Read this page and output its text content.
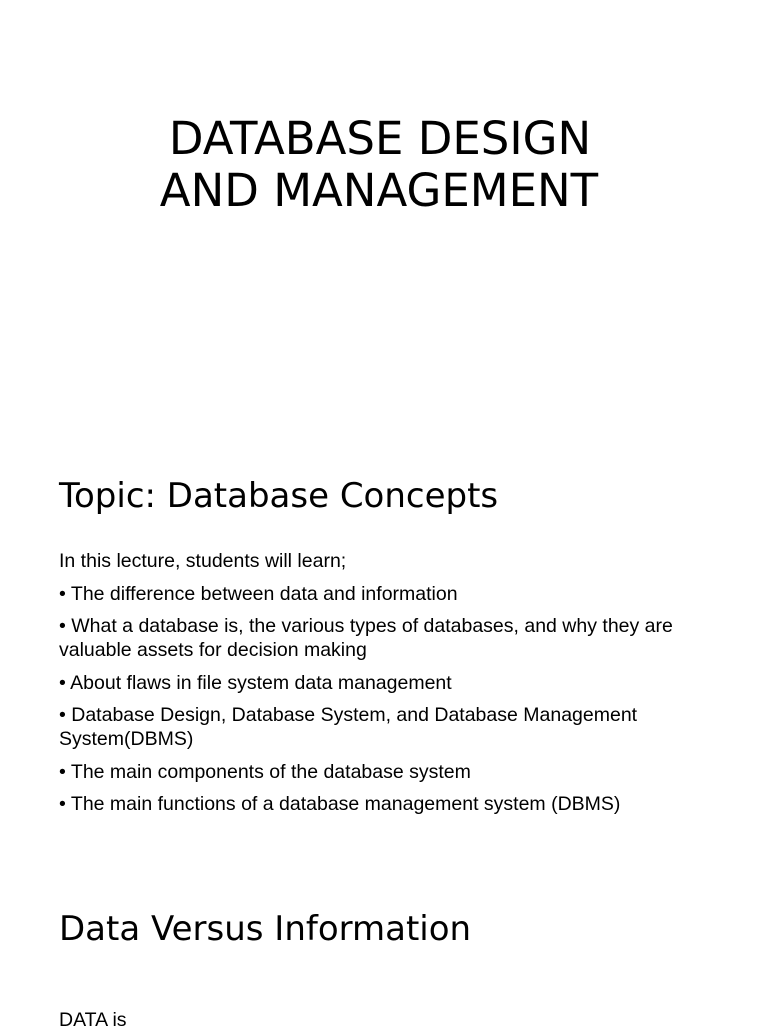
DATABASE DESIGN
AND MANAGEMENT
Topic: Database Concepts
In this lecture, students will learn;
• The difference between data and information
• What a database is, the various types of databases, and why they are valuable assets for decision making
• About flaws in file system data management
• Database Design, Database System, and Database Management System(DBMS)
• The main components of the database system
• The main functions of a database management system (DBMS)
Data Versus Information

DATA is
